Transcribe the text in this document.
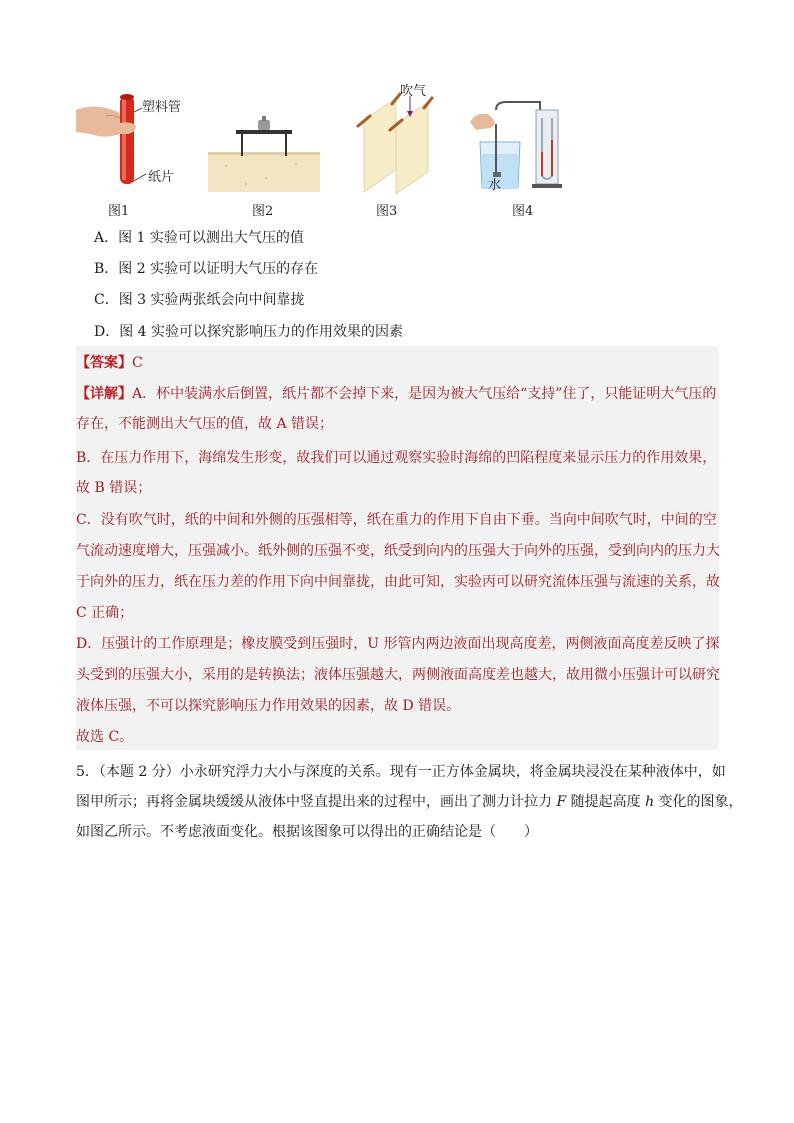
塑料管
纸片
图1	图2
吹气
图3
水
图4
A．图 1 实验可以测出大气压的值
B．图 2 实验可以证明大气压的存在
C．图 3 实验两张纸会向中间靠拢
D．图 4 实验可以探究影响压力的作用效果的因素
【答案】C
【详解】A．杯中装满水后倒置，纸片都不会掉下来，是因为被大气压给“支持”住了，只能证明大气压的
存在，不能测出大气压的值，故 A 错误；
B．在压力作用下，海绵发生形变，故我们可以通过观察实验时海绵的凹陷程度来显示压力的作用效果，
故 B 错误；
C．没有吹气时，纸的中间和外侧的压强相等，纸在重力的作用下自由下垂。当向中间吹气时，中间的空
气流动速度增大，压强减小。纸外侧的压强不变，纸受到向内的压强大于向外的压强，受到向内的压力大
于向外的压力，纸在压力差的作用下向中间靠拢，由此可知，实验丙可以研究流体压强与流速的关系，故
C 正确；
D．压强计的工作原理是；橡皮膜受到压强时，U 形管内两边液面出现高度差，两侧液面高度差反映了探
头受到的压强大小，采用的是转换法；液体压强越大，两侧液面高度差也越大，故用微小压强计可以研究
液体压强，不可以探究影响压力作用效果的因素，故 D 错误。
故选 C。
5．（本题 2 分）小永研究浮力大小与深度的关系。现有一正方体金属块，将金属块浸没在某种液体中，如
图甲所示；再将金属块缓缓从液体中竖直提出来的过程中，画出了测力计拉力 F 随提起高度 h 变化的图象，
如图乙所示。不考虑液面变化。根据该图象可以得出的正确结论是（　　）
